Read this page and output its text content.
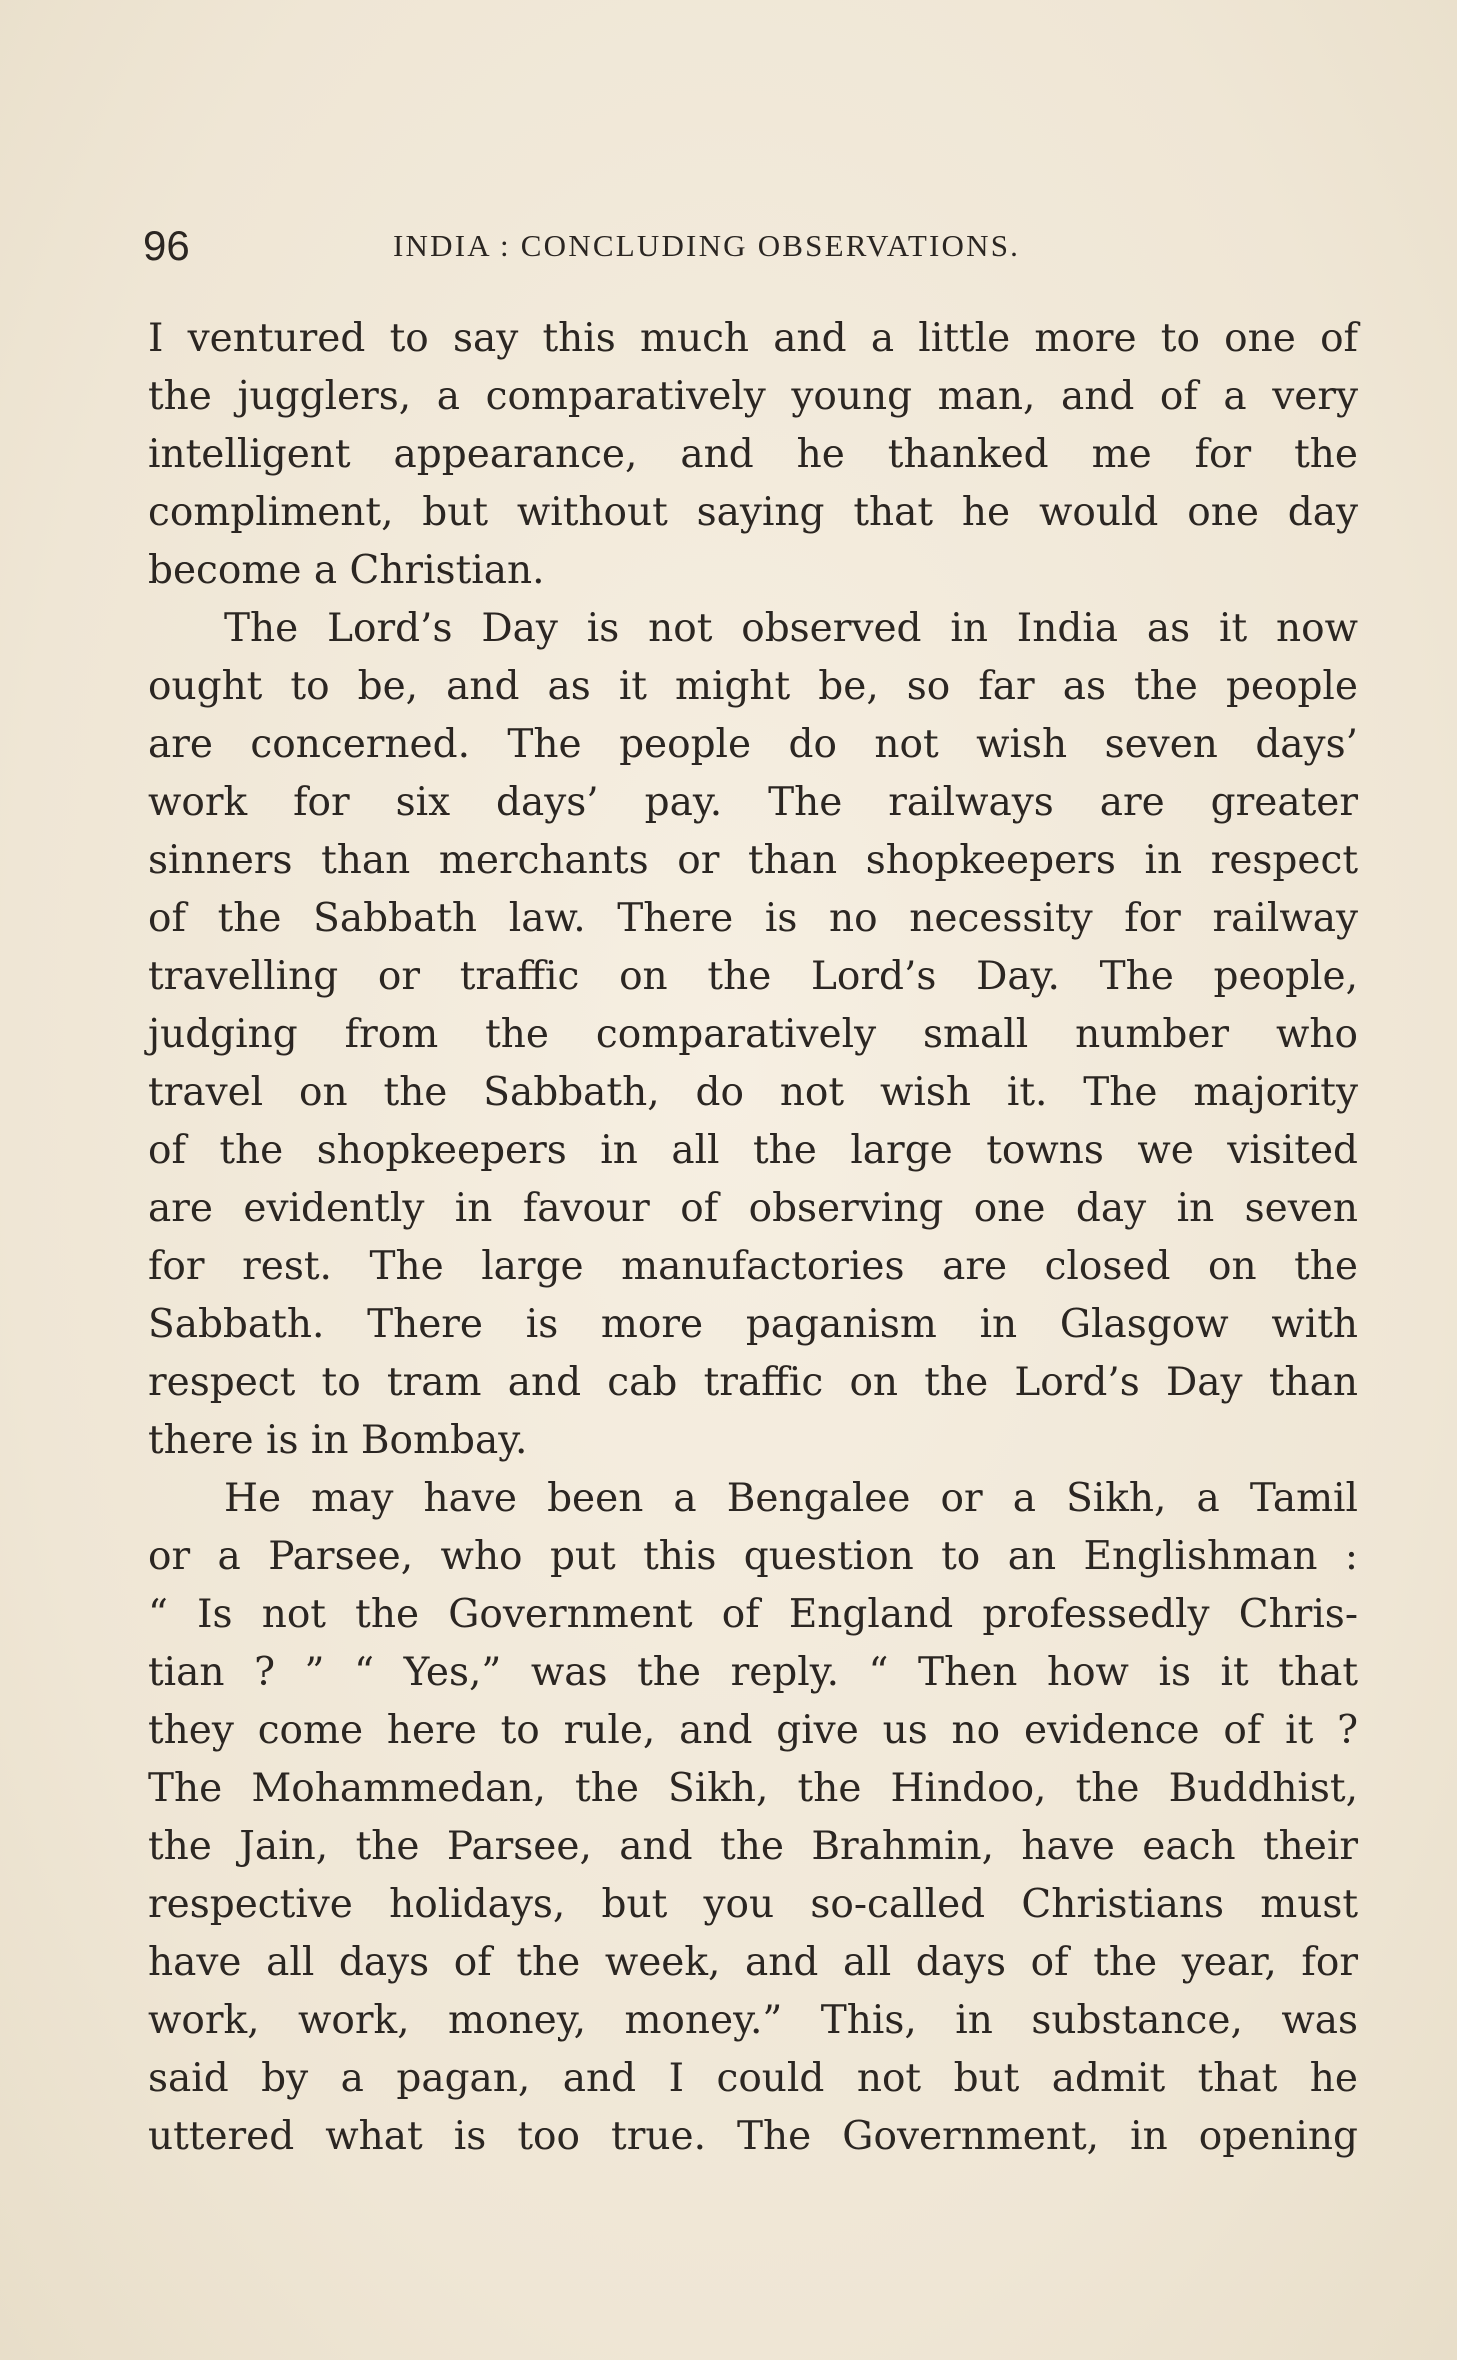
96	INDIA : CONCLUDING OBSERVATIONS.
I ventured to say this much and a little more to one of
the jugglers, a comparatively young man, and of a very
intelligent appearance, and he thanked me for the
compliment, but without saying that he would one day
become a Christian.
The Lord’s Day is not observed in India as it now
ought to be, and as it might be, so far as the people
are concerned. The people do not wish seven days’
work for six days’ pay. The railways are greater
sinners than merchants or than shopkeepers in respect
of the Sabbath law. There is no necessity for railway
travelling or traffic on the Lord’s Day. The people,
judging from the comparatively small number who
travel on the Sabbath, do not wish it. The majority
of the shopkeepers in all the large towns we visited
are evidently in favour of observing one day in seven
for rest. The large manufactories are closed on the
Sabbath. There is more paganism in Glasgow with
respect to tram and cab traffic on the Lord’s Day than
there is in Bombay.
He may have been a Bengalee or a Sikh, a Tamil
or a Parsee, who put this question to an Englishman :
“ Is not the Government of England professedly Chris-
tian ? ” “ Yes,” was the reply. “ Then how is it that
they come here to rule, and give us no evidence of it ?
The Mohammedan, the Sikh, the Hindoo, the Buddhist,
the Jain, the Parsee, and the Brahmin, have each their
respective holidays, but you so-called Christians must
have all days of the week, and all days of the year, for
work, work, money, money.” This, in substance, was
said by a pagan, and I could not but admit that he
uttered what is too true. The Government, in opening
